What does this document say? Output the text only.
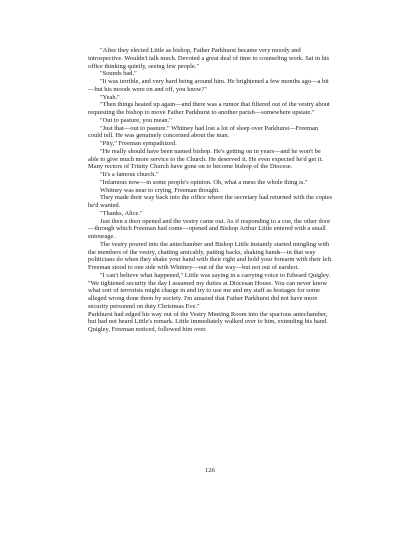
"After they elected Little as bishop, Father Parkhurst became very moody and introspective. Wouldn't talk much. Devoted a great deal of time to counseling work. Sat in his office thinking quietly, seeing few people."

"Sounds bad."

"It was terrible, and very hard being around him. He brightened a few months ago—a bit—but his moods were on and off, you know?"

"Yeah."

"Then things heated up again—and there was a rumor that filtered out of the vestry about requesting the bishop to move Father Parkhurst to another parish—somewhere upstate."

"Out to pasture, you mean."

"Just that—out to pasture." Whitney had lost a lot of sleep over Parkhurst—Freeman could tell. He was genuinely concerned about the man.

"Pity," Freeman sympathized.

"He really should have been named bishop. He's getting on in years—and he won't be able to give much more service to the Church. He deserved it. He even expected he'd get it. Many rectors of Trinity Church have gone on to become bishop of the Diocese.

"It's a famous church."

"Infamous now—in some people's opinion. Oh, what a mess the whole thing is."

Whitney was near to crying, Freeman thought.

They made their way back into the office where the secretary had returned with the copies he'd wanted.

"Thanks, Alice."

Just then a door opened and the vestry came out. As if responding to a cue, the other door—through which Freeman had come—opened and Bishop Arthur Little entered with a small entourage.

The vestry poured into the antechamber and Bishop Little instantly started mingling with the members of the vestry, chatting amicably, patting backs, shaking hands—in that way politicians do when they shake your hand with their right and hold your forearm with their left. Freeman stood to one side with Whitney—out of the way—but not out of earshot.

"I can't believe what happened," Little was saying in a carrying voice to Edward Quigley. "We tightened security the day I assumed my duties at Diocesan House. You can never know what sort of terrorists might charge in and try to use me and my staff as hostages for some alleged wrong done them by society. I'm amazed that Father Parkhurst did not have more security personnel on duty Christmas Eve."

Parkhurst had edged his way out of the Vestry Meeting Room into the spacious antechamber, but had not heard Little's remark. Little immediately walked over to him, extending his hand. Quigley, Freeman noticed, followed him over.

126
